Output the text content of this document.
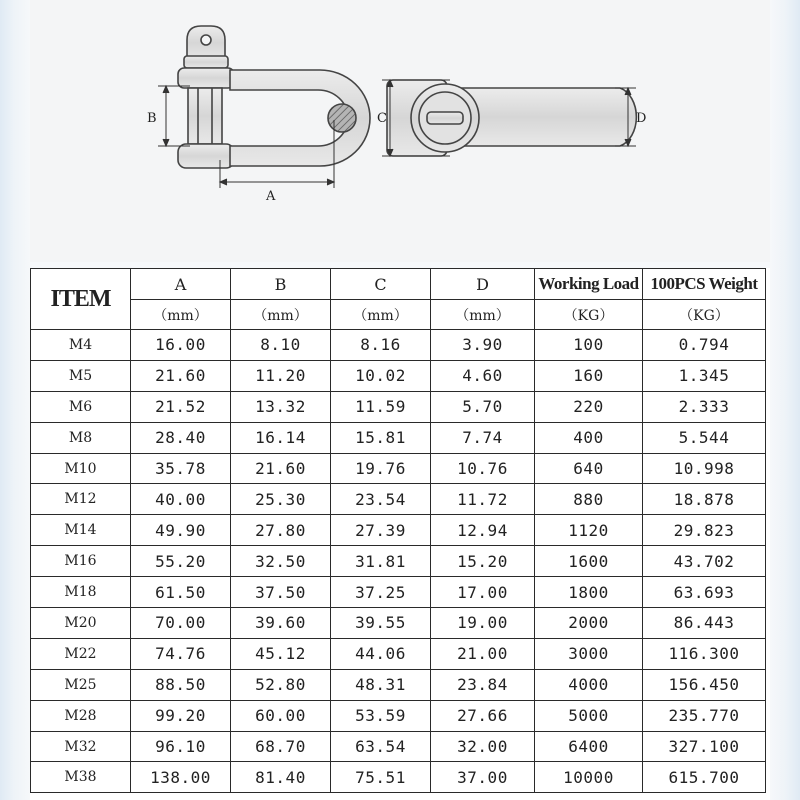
B
A
C	D
ITEM	A	B	C	D	Working Load	100PCS Weight
	（mm）	（mm）	（mm）	（mm）	（KG）	（KG）
M4	16.00	8.10	8.16	3.90	100	0.794
M5	21.60	11.20	10.02	4.60	160	1.345
M6	21.52	13.32	11.59	5.70	220	2.333
M8	28.40	16.14	15.81	7.74	400	5.544
M10	35.78	21.60	19.76	10.76	640	10.998
M12	40.00	25.30	23.54	11.72	880	18.878
M14	49.90	27.80	27.39	12.94	1120	29.823
M16	55.20	32.50	31.81	15.20	1600	43.702
M18	61.50	37.50	37.25	17.00	1800	63.693
M20	70.00	39.60	39.55	19.00	2000	86.443
M22	74.76	45.12	44.06	21.00	3000	116.300
M25	88.50	52.80	48.31	23.84	4000	156.450
M28	99.20	60.00	53.59	27.66	5000	235.770
M32	96.10	68.70	63.54	32.00	6400	327.100
M38	138.00	81.40	75.51	37.00	10000	615.700
